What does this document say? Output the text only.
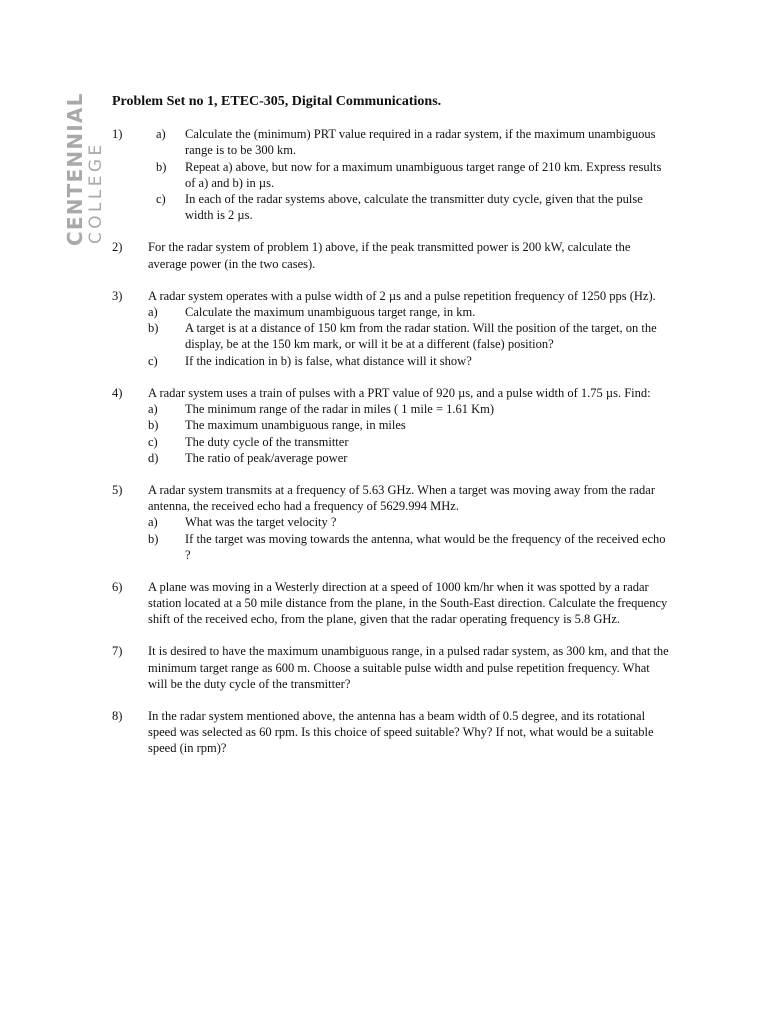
CENTENNIAL COLLEGE
Problem Set no 1, ETEC-305, Digital Communications.
1)	a)	Calculate the (minimum) PRT value required in a radar system, if the maximum unambiguous range is to be 300 km.
b)	Repeat a) above, but now for a maximum unambiguous target range of 210 km. Express results of a) and b) in µs.
c)	In each of the radar systems above, calculate the transmitter duty cycle, given that the pulse width is 2 µs.
2)	For the radar system of problem 1) above, if the peak transmitted power is 200 kW, calculate the average power (in the two cases).
3)	A radar system operates with a pulse width of 2 µs and a pulse repetition frequency of 1250 pps (Hz).
a)	Calculate the maximum unambiguous target range, in km.
b)	A target is at a distance of 150 km from the radar station. Will the position of the target, on the display, be at the 150 km mark, or will it be at a different (false) position?
c)	If the indication in b) is false, what distance will it show?
4)	A radar system uses a train of pulses with a PRT value of 920 µs, and a pulse width of 1.75 µs. Find:
a)	The minimum range of the radar in miles ( 1 mile = 1.61 Km)
b)	The maximum unambiguous range, in miles
c)	The duty cycle of the transmitter
d)	The ratio of peak/average power
5)	A radar system transmits at a frequency of 5.63 GHz. When a target was moving away from the radar antenna, the received echo had a frequency of 5629.994 MHz.
a)	What was the target velocity ?
b)	If the target was moving towards the antenna, what would be the frequency of the received echo ?
6)	A plane was moving in a Westerly direction at a speed of 1000 km/hr when it was spotted by a radar station located at a 50 mile distance from the plane, in the South-East direction. Calculate the frequency shift of the received echo, from the plane, given that the radar operating frequency is 5.8 GHz.
7)	It is desired to have the maximum unambiguous range, in a pulsed radar system, as 300 km, and that the minimum target range as 600 m. Choose a suitable pulse width and pulse repetition frequency. What will be the duty cycle of the transmitter?
8)	In the radar system mentioned above, the antenna has a beam width of 0.5 degree, and its rotational speed was selected as 60 rpm. Is this choice of speed suitable? Why? If not, what would be a suitable speed (in rpm)?
